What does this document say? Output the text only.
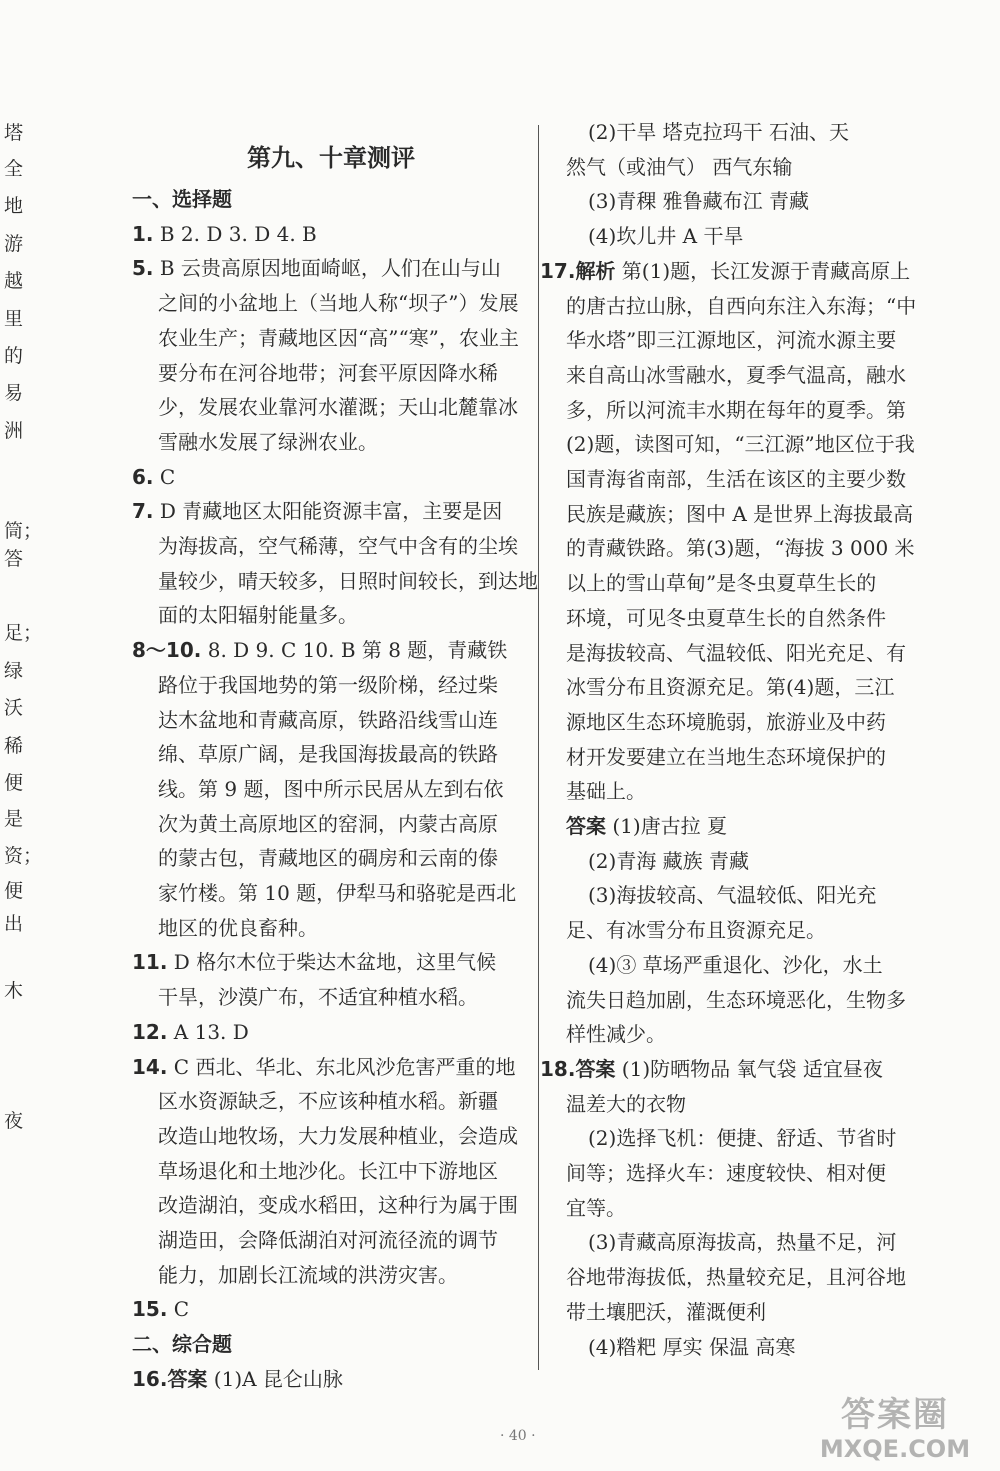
塔
全
地
游
越
里
的
易
洲
筒；
答
足；
绿
沃
稀
便
是
资；
便
出
木
夜
第九、十章测评
一、选择题
1. B 2. D 3. D 4. B
5. B 云贵高原因地面崎岖，人们在山与山
之间的小盆地上（当地人称“坝子”）发展
农业生产；青藏地区因“高”“寒”，农业主
要分布在河谷地带；河套平原因降水稀
少，发展农业靠河水灌溉；天山北麓靠冰
雪融水发展了绿洲农业。
6. C
7. D 青藏地区太阳能资源丰富，主要是因
为海拔高，空气稀薄，空气中含有的尘埃
量较少，晴天较多，日照时间较长，到达地
面的太阳辐射能量多。
8～10. 8. D 9. C 10. B 第 8 题，青藏铁
路位于我国地势的第一级阶梯，经过柴
达木盆地和青藏高原，铁路沿线雪山连
绵、草原广阔，是我国海拔最高的铁路
线。第 9 题，图中所示民居从左到右依
次为黄土高原地区的窑洞，内蒙古高原
的蒙古包，青藏地区的碉房和云南的傣
家竹楼。第 10 题，伊犁马和骆驼是西北
地区的优良畜种。
11. D 格尔木位于柴达木盆地，这里气候
干旱，沙漠广布，不适宜种植水稻。
12. A 13. D
14. C 西北、华北、东北风沙危害严重的地
区水资源缺乏，不应该种植水稻。新疆
改造山地牧场，大力发展种植业，会造成
草场退化和土地沙化。长江中下游地区
改造湖泊，变成水稻田，这种行为属于围
湖造田，会降低湖泊对河流径流的调节
能力，加剧长江流域的洪涝灾害。
15. C
二、综合题
16.答案 (1)A 昆仑山脉
(2)干旱 塔克拉玛干 石油、天
然气（或油气） 西气东输
(3)青稞 雅鲁藏布江 青藏
(4)坎儿井 A 干旱
17.解析 第(1)题，长江发源于青藏高原上
的唐古拉山脉，自西向东注入东海；“中
华水塔”即三江源地区，河流水源主要
来自高山冰雪融水，夏季气温高，融水
多，所以河流丰水期在每年的夏季。第
(2)题，读图可知，“三江源”地区位于我
国青海省南部，生活在该区的主要少数
民族是藏族；图中 A 是世界上海拔最高
的青藏铁路。第(3)题，“海拔 3 000 米
以上的雪山草甸”是冬虫夏草生长的
环境，可见冬虫夏草生长的自然条件
是海拔较高、气温较低、阳光充足、有
冰雪分布且资源充足。第(4)题，三江
源地区生态环境脆弱，旅游业及中药
材开发要建立在当地生态环境保护的
基础上。
答案 (1)唐古拉 夏
(2)青海 藏族 青藏
(3)海拔较高、气温较低、阳光充
足、有冰雪分布且资源充足。
(4)③ 草场严重退化、沙化，水土
流失日趋加剧，生态环境恶化，生物多
样性减少。
18.答案 (1)防晒物品 氧气袋 适宜昼夜
温差大的衣物
(2)选择飞机：便捷、舒适、节省时
间等；选择火车：速度较快、相对便
宜等。
(3)青藏高原海拔高，热量不足，河
谷地带海拔低，热量较充足，且河谷地
带土壤肥沃，灌溉便利
(4)糌粑 厚实 保温 高寒
· 40 ·
答案圈
MXQE.COM
